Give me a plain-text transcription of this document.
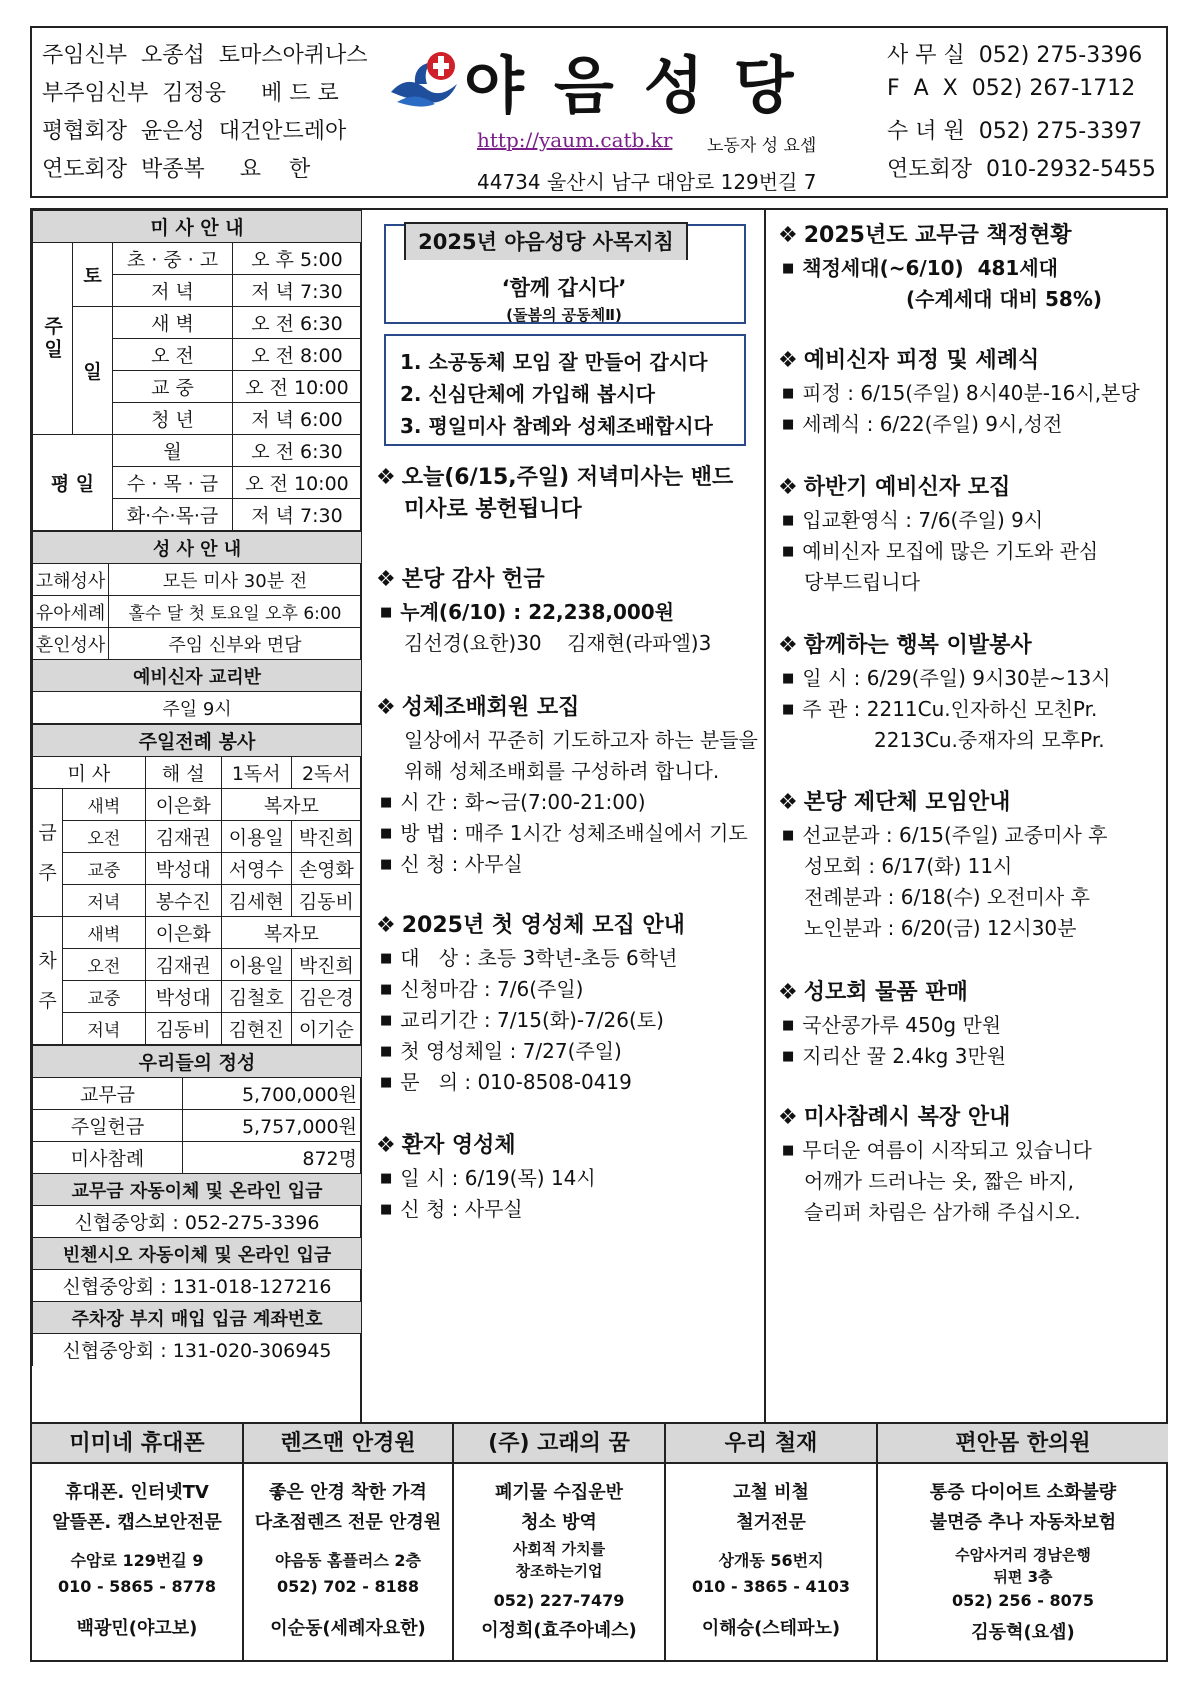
주임신부 오종섭 토마스아퀴나스
부주임신부 김정웅 베 드 로
평협회장 윤은성 대건안드레아
연도회장 박종복 요    한
야음성당
http://yaum.catb.kr 노동자 성 요셉
44734 울산시 남구 대암로 129번길 7
사 무 실 052) 275-3396
F  A  X 052) 267-1712
수 녀 원 052) 275-3397
연도회장 010-2932-5455
미 사 안 내			
주일	토	초 · 중 · 고	오 후 5:00
		저 녁	저 녁 7:30
	일	새 벽	오 전 6:30
		오 전	오 전 8:00
		교 중	오 전 10:00
		청 년	저 녁 6:00
평 일		월	오 전 6:30
		수 · 목 · 금	오 전 10:00
		화·수·목·금	저 녁 7:30
성 사 안 내	
고해성사	모든 미사 30분 전
유아세례	홀수 달 첫 토요일 오후 6:00
혼인성사	주임 신부와 면담
예비신자 교리반	
주일 9시	
주일전례 봉사				
미 사		해 설	1독서	2독서
금
주	새벽	이은화	복자모	
	오전	김재권	이용일	박진희
	교중	박성대	서영수	손영화
	저녁	봉수진	김세현	김동비
차
주	새벽	이은화	복자모	
	오전	김재권	이용일	박진희
	교중	박성대	김철호	김은경
	저녁	김동비	김현진	이기순
우리들의 정성	
교무금	5,700,000원
주일헌금	5,757,000원
미사참례	872명
교무금 자동이체 및 온라인 입금	
신협중앙회 : 052-275-3396	
빈첸시오 자동이체 및 온라인 입금	
신협중앙회 : 131-018-127216	
주차장 부지 매입 입금 계좌번호	
신협중앙회 : 131-020-306945	
2025년 야음성당 사목지침
‘함께 갑시다’
(돌봄의 공동체Ⅱ)
1. 소공동체 모임 잘 만들어 갑시다
2. 신심단체에 가입해 봅시다
3. 평일미사 참례와 성체조배합시다
❖ 오늘(6/15,주일) 저녁미사는 밴드
미사로 봉헌됩니다
❖ 본당 감사 헌금
■ 누계(6/10) : 22,238,000원
김선경(요한)30    김재현(라파엘)3
❖ 성체조배회원 모집
일상에서 꾸준히 기도하고자 하는 분들을
위해 성체조배회를 구성하려 합니다.
■ 시 간 : 화~금(7:00-21:00)
■ 방 법 : 매주 1시간 성체조배실에서 기도
■ 신 청 : 사무실
❖ 2025년 첫 영성체 모집 안내
■ 대   상 : 초등 3학년-초등 6학년
■ 신청마감 : 7/6(주일)
■ 교리기간 : 7/15(화)-7/26(토)
■ 첫 영성체일 : 7/27(주일)
■ 문   의 : 010-8508-0419
❖ 환자 영성체
■ 일 시 : 6/19(목) 14시
■ 신 청 : 사무실
❖ 2025년도 교무금 책정현황
■ 책정세대(~6/10)  481세대
(수계세대 대비 58%)
❖ 예비신자 피정 및 세례식
■ 피정 : 6/15(주일) 8시40분-16시,본당
■ 세례식 : 6/22(주일) 9시,성전
❖ 하반기 예비신자 모집
■ 입교환영식 : 7/6(주일) 9시
■ 예비신자 모집에 많은 기도와 관심
당부드립니다
❖ 함께하는 행복 이발봉사
■ 일 시 : 6/29(주일) 9시30분~13시
■ 주 관 : 2211Cu.인자하신 모친Pr.
2213Cu.중재자의 모후Pr.
❖ 본당 제단체 모임안내
■ 선교분과 : 6/15(주일) 교중미사 후
성모회 : 6/17(화) 11시
전례분과 : 6/18(수) 오전미사 후
노인분과 : 6/20(금) 12시30분
❖ 성모회 물품 판매
■ 국산콩가루 450g 만원
■ 지리산 꿀 2.4kg 3만원
❖ 미사참례시 복장 안내
■ 무더운 여름이 시작되고 있습니다
어깨가 드러나는 옷, 짧은 바지,
슬리퍼 차림은 삼가해 주십시오.
미미네 휴대폰
휴대폰. 인터넷TV
알뜰폰. 캡스보안전문
수암로 129번길 9
010 - 5865 - 8778
백광민(야고보)
렌즈맨 안경원
좋은 안경 착한 가격
다초점렌즈 전문 안경원
야음동 홈플러스 2층
052) 702 - 8188
이순동(세례자요한)
(주) 고래의 꿈
폐기물 수집운반
청소 방역
사회적 가치를
창조하는기업
052) 227-7479
이정희(효주아녜스)
우리 철재
고철 비철
철거전문
상개동 56번지
010 - 3865 - 4103
이해승(스테파노)
편안몸 한의원
통증 다이어트 소화불량
불면증 추나 자동차보험
수암사거리 경남은행
뒤편 3층
052) 256 - 8075
김동혁(요셉)
